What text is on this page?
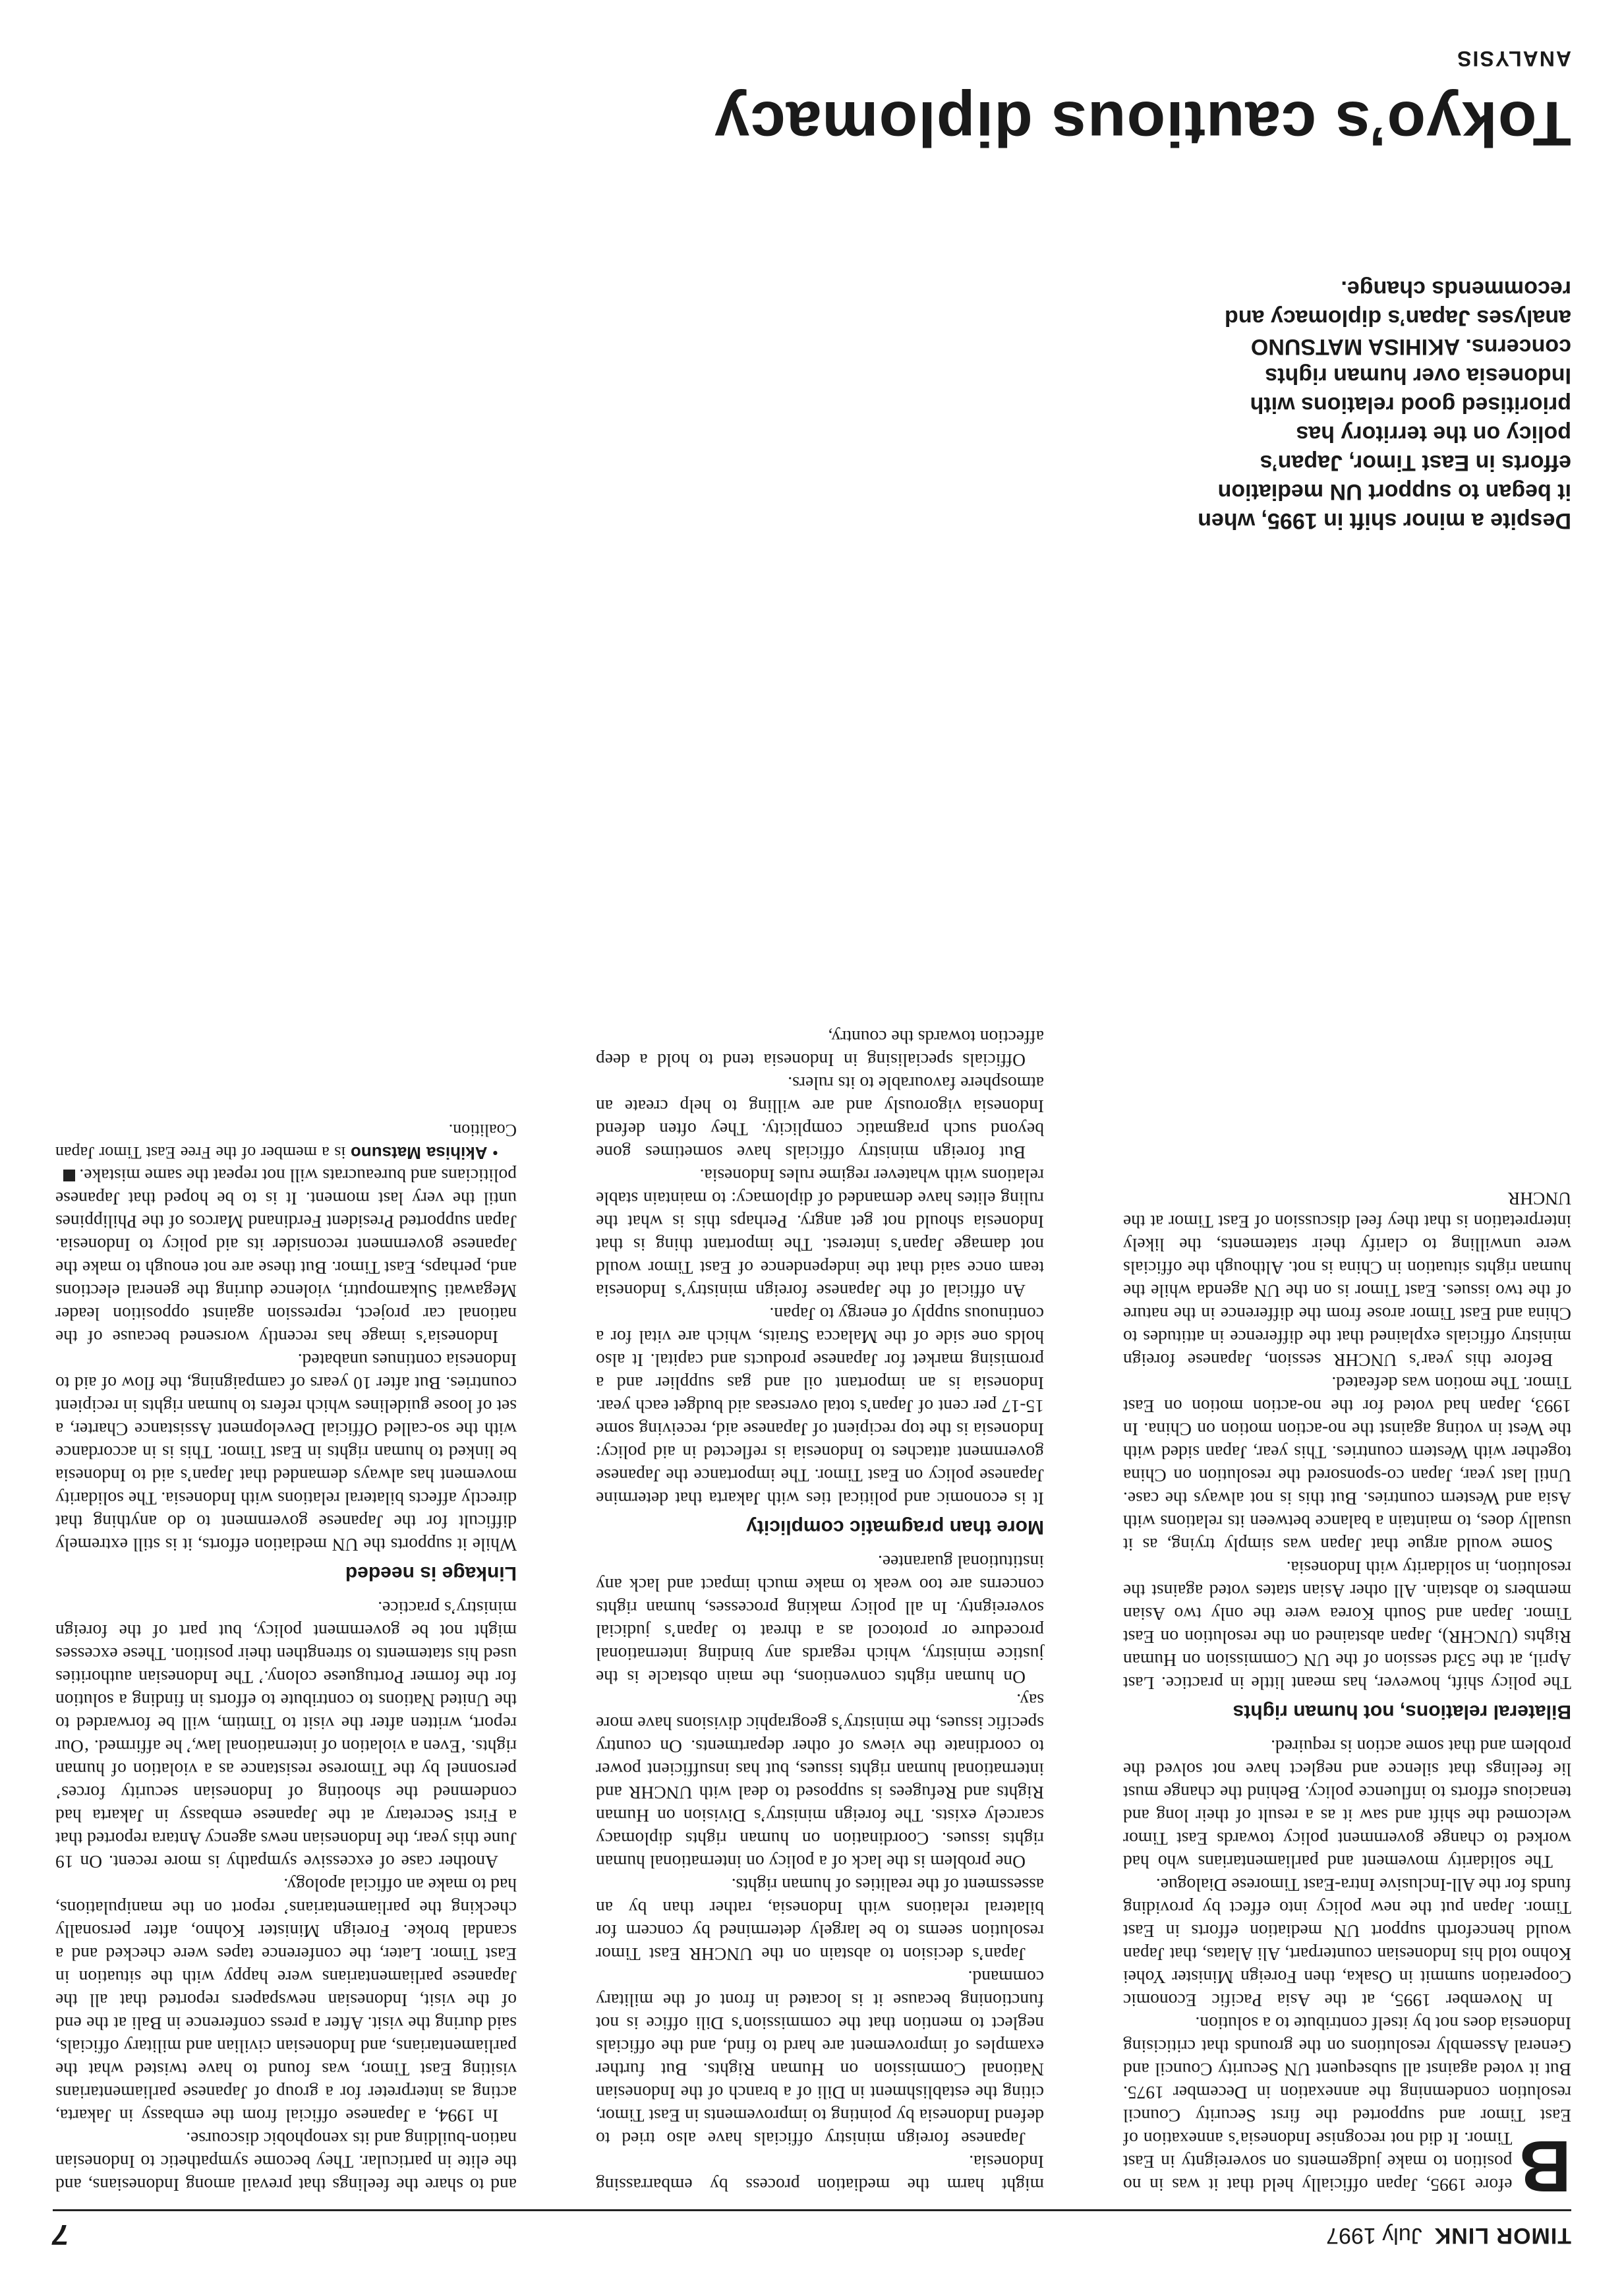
TIMOR LINKJuly 1997
7

B
efore 1995, Japan officially held that it was in no position to make judgements on sovereignty in East Timor. It did not recognise Indonesia’s annexation of East Timor and supported the first Security Council resolution condemning the annexation in December 1975. But it voted against all subsequent UN Security Council and General Assembly resolutions on the grounds that criticising Indonesia does not by itself contribute to a solution.

In November 1995, at the Asia Pacific Economic Cooperation summit in Osaka, then Foreign Minister Yohei Kohno told his Indonesian counterpart, Ali Alatas, that Japan would henceforth support UN mediation efforts in East Timor. Japan put the new policy into effect by providing funds for the All-Inclusive Intra-East Timorese Dialogue.

The solidarity movement and parliamentarians who had worked to change government policy towards East Timor welcomed the shift and saw it as a result of their long and tenacious efforts to influence policy. Behind the change must lie feelings that silence and neglect have not solved the problem and that some action is required.

Bilateral relations, not human rights

The policy shift, however, has meant little in practice. Last April, at the 53rd session of the UN Commission on Human Rights (UNCHR), Japan abstained on the resolution on East Timor. Japan and South Korea were the only two Asian members to abstain. All other Asian states voted against the resolution, in solidarity with Indonesia.

Some would argue that Japan was simply trying, as it usually does, to maintain a balance between its relations with Asia and Western countries. But this is not always the case. Until last year, Japan co-sponsored the resolution on China together with Western countries. This year, Japan sided with the West in voting against the no-action motion on China. In 1993, Japan had voted for the no-action motion on East Timor. The motion was defeated.

Before this year’s UNCHR session, Japanese foreign ministry officials explained that the difference in attitudes to China and East Timor arose from the difference in the nature of the two issues. East Timor is on the UN agenda while the human rights situation in China is not. Although the officials were unwilling to clarify their statements, the likely interpretation is that they feel discussion of East Timor at the UNCHR

might harm the mediation process by embarrassing Indonesia.

Japanese foreign ministry officials have also tried to defend Indonesia by pointing to improvements in East Timor, citing the establishment in Dili of a branch of the Indonesian National Commission on Human Rights. But further examples of improvement are hard to find, and the officials neglect to mention that the commission’s Dili office is not functioning because it is located in front of the military command.

Japan’s decision to abstain on the UNCHR East Timor resolution seems to be largely determined by concern for bilateral relations with Indonesia, rather than by an assessment of the realities of human rights.

One problem is the lack of a policy on international human rights issues. Coordination on human rights diplomacy scarcely exists. The foreign ministry’s Division on Human Rights and Refugees is supposed to deal with UNCHR and international human rights issues, but has insufficient power to coordinate the views of other departments. On country specific issues, the ministry’s geographic divisions have more say.

On human rights conventions, the main obstacle is the justice ministry, which regards any binding international procedure or protocol as a threat to Japan’s judicial sovereignty. In all policy making processes, human rights concerns are too weak to make much impact and lack any institutional guarantee.

More than pragmatic complicity

It is economic and political ties with Jakarta that determine Japanese policy on East Timor. The importance the Japanese government attaches to Indonesia is reflected in aid policy: Indonesia is the top recipient of Japanese aid, receiving some 15-17 per cent of Japan’s total overseas aid budget each year. Indonesia is an important oil and gas supplier and a promising market for Japanese products and capital. It also holds one side of the Malacca Straits, which are vital for a continuous supply of energy to Japan.

An official of the Japanese foreign ministry’s Indonesia team once said that the independence of East Timor would not damage Japan’s interest. The important thing is that Indonesia should not get angry. Perhaps this is what the ruling elites have demanded of diplomacy: to maintain stable relations with whatever regime rules Indonesia.

But foreign ministry officials have sometimes gone beyond such pragmatic complicity. They often defend Indonesia vigorously and are willing to help create an atmosphere favourable to its rulers.

Officials specialising in Indonesia tend to hold a deep affection towards the country,

and to share the feelings that prevail among Indonesians, and the elite in particular. They become sympathetic to Indonesian nation-building and its xenophobic discourse.

In 1994, a Japanese official from the embassy in Jakarta, acting as interpreter for a group of Japanese parliamentarians visiting East Timor, was found to have twisted what the parliamentarians, and Indonesian civilian and military officials, said during the visit. After a press conference in Bali at the end of the visit, Indonesian newspapers reported that all the Japanese parliamentarians were happy with the situation in East Timor. Later, the conference tapes were checked and a scandal broke. Foreign Minister Kohno, after personally checking the parliamentarians’ report on the manipulations, had to make an official apology.

Another case of excessive sympathy is more recent. On 19 June this year, the Indonesian news agency Antara reported that a First Secretary at the Japanese embassy in Jakarta had condemned the shooting of Indonesian security forces’ personnel by the Timorese resistance as a violation of human rights. ‘Even a violation of international law,’ he affirmed. ‘Our report, written after the visit to Timtim, will be forwarded to the United Nations to contribute to efforts in finding a solution for the former Portuguese colony.’ The Indonesian authorities used his statements to strengthen their position. These excesses might not be government policy, but part of the foreign ministry’s practice.

Linkage is needed

While it supports the UN mediation efforts, it is still extremely difficult for the Japanese government to do anything that directly affects bilateral relations with Indonesia. The solidarity movement has always demanded that Japan’s aid to Indonesia be linked to human rights in East Timor. This is in accordance with the so-called Official Development Assistance Charter, a set of loose guidelines which refers to human rights in recipient countries. But after 10 years of campaigning, the flow of aid to Indonesia continues unabated.

Indonesia’s image has recently worsened because of the national car project, repression against opposition leader Megawati Sukarnoputri, violence during the general elections and, perhaps, East Timor. But these are not enough to make the Japanese government reconsider its aid policy to Indonesia. Japan supported President Ferdinand Marcos of the Philippines until the very last moment. It is to be hoped that Japanese politicians and bureaucrats will not repeat the same mistake.

• Akihisa Matsuno is a member of the Free East Timor Japan Coalition.

Despite a minor shift in 1995, when it began to support UN mediation efforts in East Timor, Japan’s policy on the territory has prioritised good relations with Indonesia over human rights concerns. AKIHISA MATSUNO analyses Japan’s diplomacy and recommends change.
Tokyo’s cautious diplomacy
ANALYSIS
